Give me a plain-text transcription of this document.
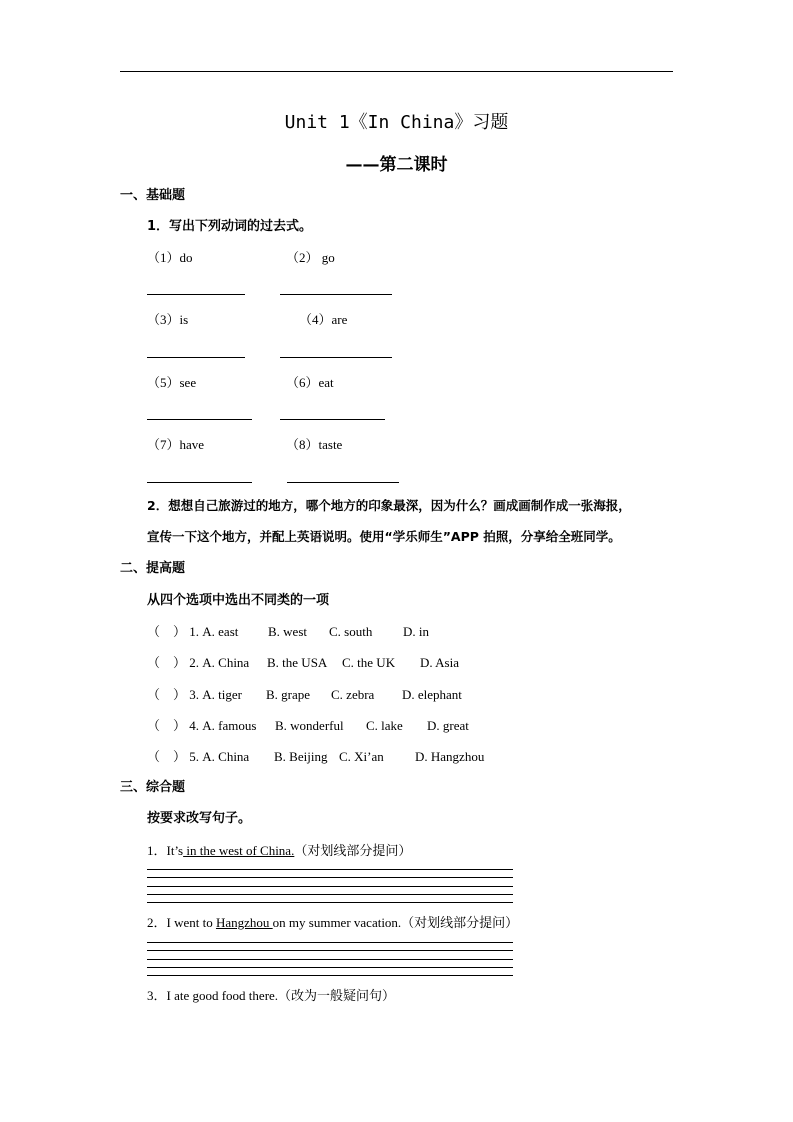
Unit 1《In China》习题
——第二课时
一、基础题
1．写出下列动词的过去式。
（1）do	（2） go
（3）is	（4）are
（5）see	（6）eat
（7）have	（8）taste
2．想想自己旅游过的地方，哪个地方的印象最深，因为什么？画成画制作成一张海报，
宣传一下这个地方，并配上英语说明。使用“学乐师生”APP 拍照，分享给全班同学。
二、提高题
从四个选项中选出不同类的一项
（　） 1. A. east B. west C. south D. in
（　） 2. A. China B. the USA C. the UK D. Asia
（　） 3. A. tiger B. grape C. zebra D. elephant
（　） 4. A. famous B. wonderful C. lake D. great
（　） 5. A. China B. Beijing C. Xi’an D. Hangzhou
三、综合题
按要求改写句子。
1．It’s in the west of China.（对划线部分提问）
2．I went to Hangzhou on my summer vacation.（对划线部分提问）
3．I ate good food there.（改为一般疑问句）
